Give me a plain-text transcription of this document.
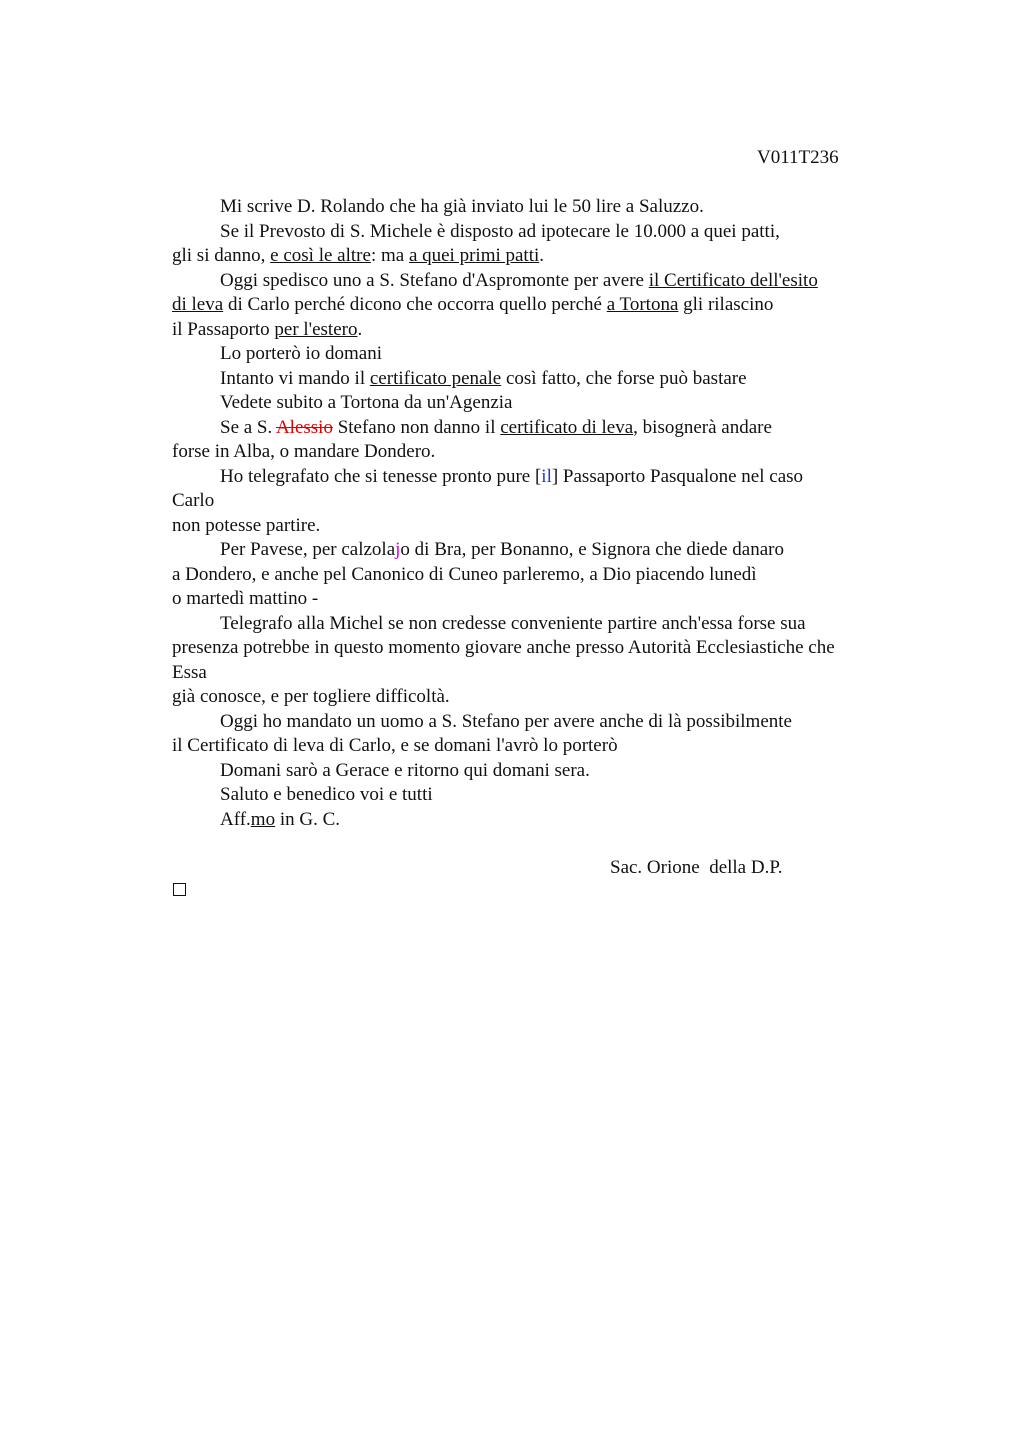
V011T236
Mi scrive D. Rolando che ha già inviato lui le 50 lire a Saluzzo.
Se il Prevosto di S. Michele è disposto ad ipotecare le 10.000 a quei patti,
gli si danno, e così le altre: ma a quei primi patti.
Oggi spedisco uno a S. Stefano d'Aspromonte per avere il Certificato dell'esito
di leva di Carlo perché dicono che occorra quello perché a Tortona gli rilascino
il Passaporto per l'estero.
Lo porterò io domani
Intanto vi mando il certificato penale così fatto, che forse può bastare
Vedete subito a Tortona da un'Agenzia
Se a S. Alessio Stefano non danno il certificato di leva, bisognerà andare
forse in Alba, o mandare Dondero.
Ho telegrafato che si tenesse pronto pure [il] Passaporto Pasqualone nel caso
Carlo
non potesse partire.
Per Pavese, per calzolajo di Bra, per Bonanno, e Signora che diede danaro
a Dondero, e anche pel Canonico di Cuneo parleremo, a Dio piacendo lunedì
o martedì mattino -
Telegrafo alla Michel se non credesse conveniente partire anch'essa forse sua
presenza potrebbe in questo momento giovare anche presso Autorità Ecclesiastiche che
Essa
già conosce, e per togliere difficoltà.
Oggi ho mandato un uomo a S. Stefano per avere anche di là possibilmente
il Certificato di leva di Carlo, e se domani l'avrò lo porterò
Domani sarò a Gerace e ritorno qui domani sera.
Saluto e benedico voi e tutti
Aff.mo in G. C.
Sac. Orione  della D.P.
